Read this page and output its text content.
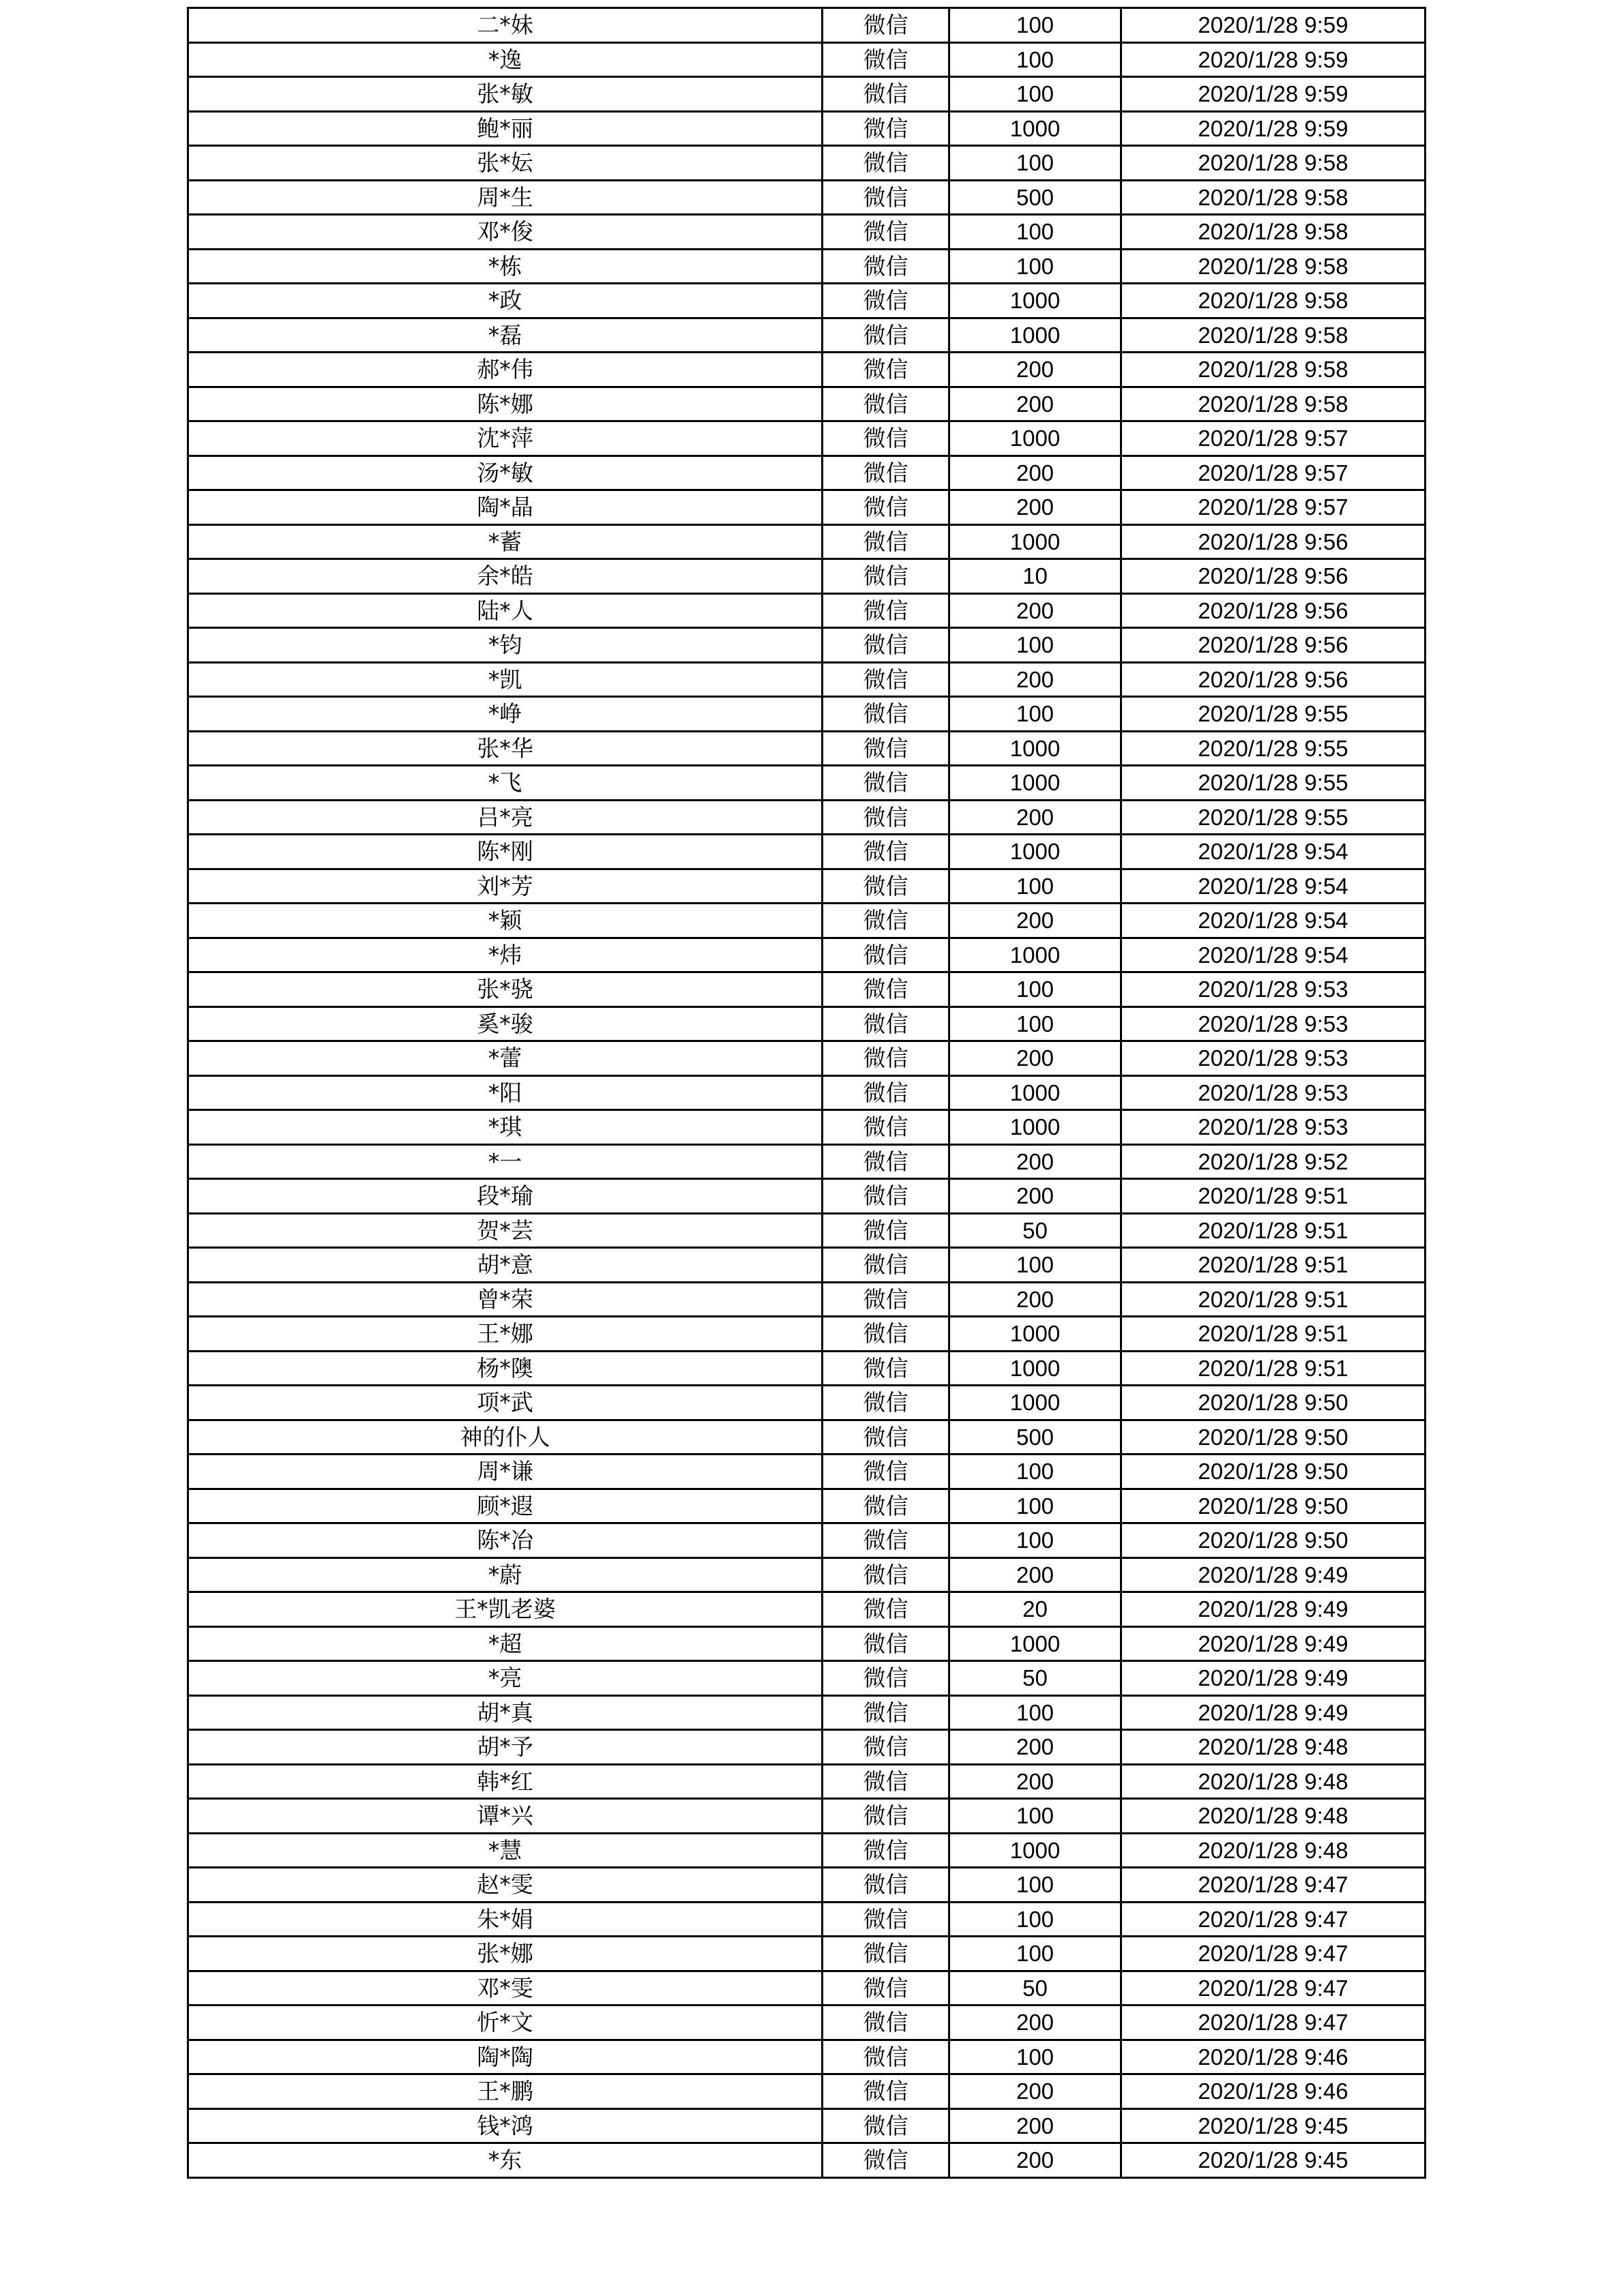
二*妹	微信	100	2020/1/28 9:59
*逸	微信	100	2020/1/28 9:59
张*敏	微信	100	2020/1/28 9:59
鲍*丽	微信	1000	2020/1/28 9:59
张*妘	微信	100	2020/1/28 9:58
周*生	微信	500	2020/1/28 9:58
邓*俊	微信	100	2020/1/28 9:58
*栋	微信	100	2020/1/28 9:58
*政	微信	1000	2020/1/28 9:58
*磊	微信	1000	2020/1/28 9:58
郝*伟	微信	200	2020/1/28 9:58
陈*娜	微信	200	2020/1/28 9:58
沈*萍	微信	1000	2020/1/28 9:57
汤*敏	微信	200	2020/1/28 9:57
陶*晶	微信	200	2020/1/28 9:57
*蓄	微信	1000	2020/1/28 9:56
余*皓	微信	10	2020/1/28 9:56
陆*人	微信	200	2020/1/28 9:56
*钧	微信	100	2020/1/28 9:56
*凯	微信	200	2020/1/28 9:56
*峥	微信	100	2020/1/28 9:55
张*华	微信	1000	2020/1/28 9:55
*飞	微信	1000	2020/1/28 9:55
吕*亮	微信	200	2020/1/28 9:55
陈*刚	微信	1000	2020/1/28 9:54
刘*芳	微信	100	2020/1/28 9:54
*颖	微信	200	2020/1/28 9:54
*炜	微信	1000	2020/1/28 9:54
张*骁	微信	100	2020/1/28 9:53
奚*骏	微信	100	2020/1/28 9:53
*蕾	微信	200	2020/1/28 9:53
*阳	微信	1000	2020/1/28 9:53
*琪	微信	1000	2020/1/28 9:53
*一	微信	200	2020/1/28 9:52
段*瑜	微信	200	2020/1/28 9:51
贺*芸	微信	50	2020/1/28 9:51
胡*意	微信	100	2020/1/28 9:51
曾*荣	微信	200	2020/1/28 9:51
王*娜	微信	1000	2020/1/28 9:51
杨*隩	微信	1000	2020/1/28 9:51
项*武	微信	1000	2020/1/28 9:50
神的仆人	微信	500	2020/1/28 9:50
周*谦	微信	100	2020/1/28 9:50
顾*遐	微信	100	2020/1/28 9:50
陈*冶	微信	100	2020/1/28 9:50
*蔚	微信	200	2020/1/28 9:49
王*凯老婆	微信	20	2020/1/28 9:49
*超	微信	1000	2020/1/28 9:49
*亮	微信	50	2020/1/28 9:49
胡*真	微信	100	2020/1/28 9:49
胡*予	微信	200	2020/1/28 9:48
韩*红	微信	200	2020/1/28 9:48
谭*兴	微信	100	2020/1/28 9:48
*慧	微信	1000	2020/1/28 9:48
赵*雯	微信	100	2020/1/28 9:47
朱*娟	微信	100	2020/1/28 9:47
张*娜	微信	100	2020/1/28 9:47
邓*雯	微信	50	2020/1/28 9:47
忻*文	微信	200	2020/1/28 9:47
陶*陶	微信	100	2020/1/28 9:46
王*鹏	微信	200	2020/1/28 9:46
钱*鸿	微信	200	2020/1/28 9:45
*东	微信	200	2020/1/28 9:45
